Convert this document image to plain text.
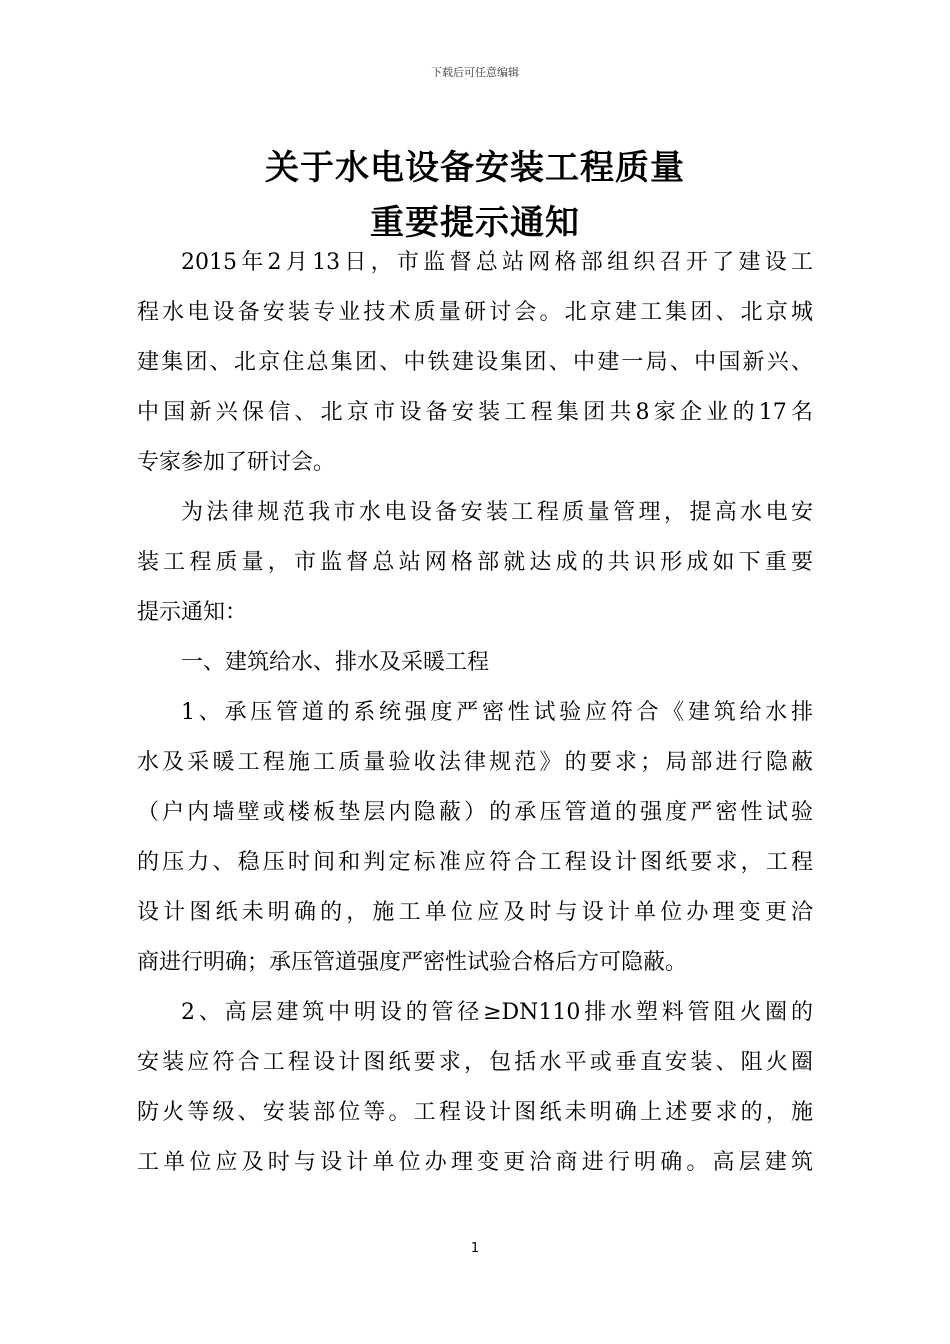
下载后可任意编辑
关于水电设备安装工程质量
重要提示通知
2015年2月13日，市监督总站网格部组织召开了建设工
程水电设备安装专业技术质量研讨会。北京建工集团、北京城
建集团、北京住总集团、中铁建设集团、中建一局、中国新兴、
中国新兴保信、北京市设备安装工程集团共8家企业的17名
专家参加了研讨会。
为法律规范我市水电设备安装工程质量管理，提高水电安
装工程质量，市监督总站网格部就达成的共识形成如下重要
提示通知：
一、建筑给水、排水及采暖工程
1、承压管道的系统强度严密性试验应符合《建筑给水排
水及采暖工程施工质量验收法律规范》的要求；局部进行隐蔽
（户内墙壁或楼板垫层内隐蔽）的承压管道的强度严密性试验
的压力、稳压时间和判定标准应符合工程设计图纸要求，工程
设计图纸未明确的，施工单位应及时与设计单位办理变更洽
商进行明确；承压管道强度严密性试验合格后方可隐蔽。
2、高层建筑中明设的管径≥DN110排水塑料管阻火圈的
安装应符合工程设计图纸要求，包括水平或垂直安装、阻火圈
防火等级、安装部位等。工程设计图纸未明确上述要求的，施
工单位应及时与设计单位办理变更洽商进行明确。高层建筑
1
